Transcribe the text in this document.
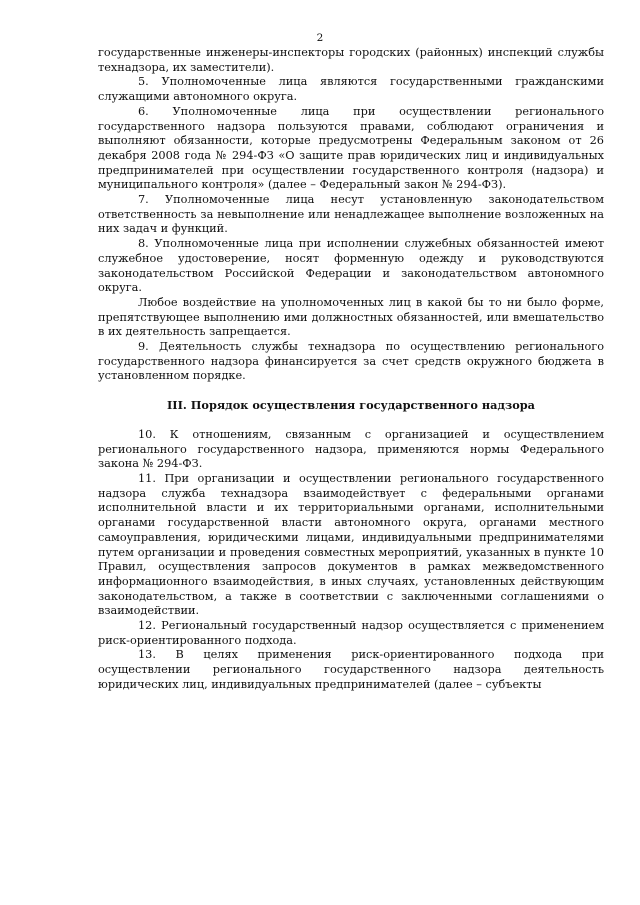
2

государственные инженеры-инспекторы городских (районных) инспекций службы технадзора, их заместители).

5. Уполномоченные лица являются государственными гражданскими служащими автономного округа.

6. Уполномоченные лица при осуществлении регионального государственного надзора пользуются правами, соблюдают ограничения и выполняют обязанности, которые предусмотрены Федеральным законом от 26 декабря 2008 года № 294-ФЗ «О защите прав юридических лиц и индивидуальных предпринимателей при осуществлении государственного контроля (надзора) и муниципального контроля» (далее – Федеральный закон № 294-ФЗ).

7. Уполномоченные лица несут установленную законодательством ответственность за невыполнение или ненадлежащее выполнение возложенных на них задач и функций.

8. Уполномоченные лица при исполнении служебных обязанностей имеют служебное удостоверение, носят форменную одежду и руководствуются законодательством Российской Федерации и законодательством автономного округа.

Любое воздействие на уполномоченных лиц в какой бы то ни было форме, препятствующее выполнению ими должностных обязанностей, или вмешательство в их деятельность запрещается.

9. Деятельность службы технадзора по осуществлению регионального государственного надзора финансируется за счет средств окружного бюджета в установленном порядке.

III. Порядок осуществления государственного надзора

10. К отношениям, связанным с организацией и осуществлением регионального государственного надзора, применяются нормы Федерального закона № 294-ФЗ.

11. При организации и осуществлении регионального государственного надзора служба технадзора взаимодействует с федеральными органами исполнительной власти и их территориальными органами, исполнительными органами государственной власти автономного округа, органами местного самоуправления, юридическими лицами, индивидуальными предпринимателями путем организации и проведения совместных мероприятий, указанных в пункте 10 Правил, осуществления запросов документов в рамках межведомственного информационного взаимодействия, в иных случаях, установленных действующим законодательством, а также в соответствии с заключенными соглашениями о взаимодействии.

12. Региональный государственный надзор осуществляется с применением риск-ориентированного подхода.

13. В целях применения риск-ориентированного подхода при осуществлении регионального государственного надзора деятельность юридических лиц, индивидуальных предпринимателей (далее – субъекты
